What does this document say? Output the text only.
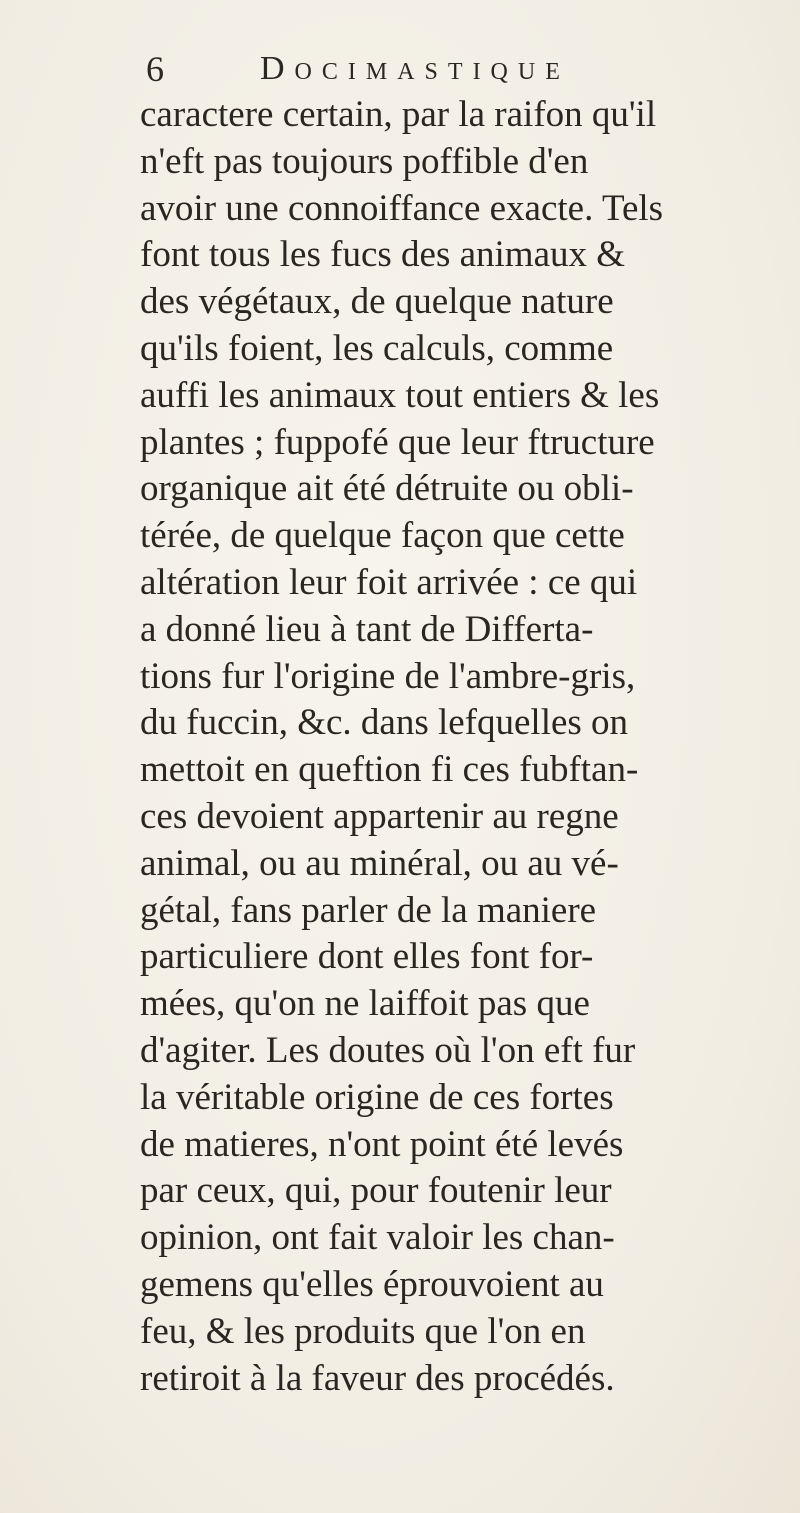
6	Docimastique
caractere certain, par la raifon qu'il
n'eft pas toujours poffible d'en
avoir une connoiffance exacte. Tels
font tous les fucs des animaux &
des végétaux, de quelque nature
qu'ils foient, les calculs, comme
auffi les animaux tout entiers & les
plantes ; fuppofé que leur ftructure
organique ait été détruite ou obli-
térée, de quelque façon que cette
altération leur foit arrivée : ce qui
a donné lieu à tant de Differta-
tions fur l'origine de l'ambre-gris,
du fuccin, &c. dans lefquelles on
mettoit en queftion fi ces fubftan-
ces devoient appartenir au regne
animal, ou au minéral, ou au vé-
gétal, fans parler de la maniere
particuliere dont elles font for-
mées, qu'on ne laiffoit pas que
d'agiter. Les doutes où l'on eft fur
la véritable origine de ces fortes
de matieres, n'ont point été levés
par ceux, qui, pour foutenir leur
opinion, ont fait valoir les chan-
gemens qu'elles éprouvoient au
feu, & les produits que l'on en
retiroit à la faveur des procédés.
